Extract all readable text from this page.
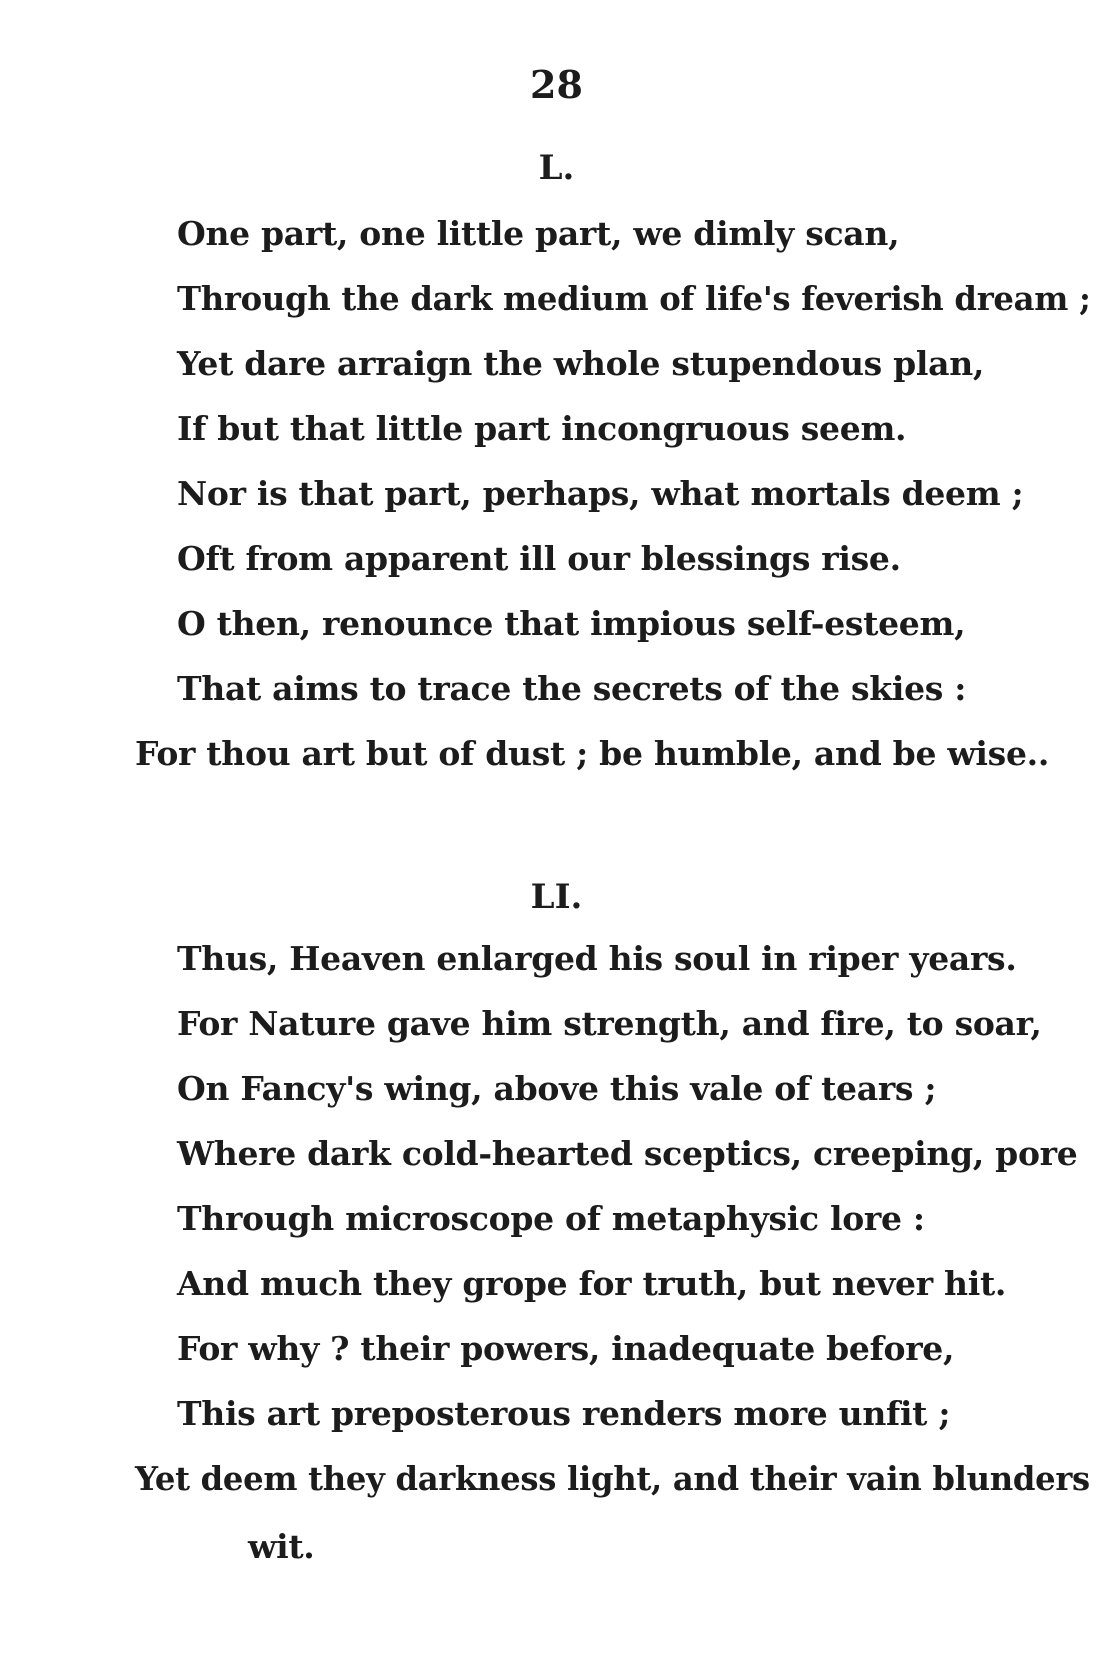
28
L.
One part, one little part, we dimly scan,
Through the dark medium of life's feverish dream ;
Yet dare arraign the whole stupendous plan,
If but that little part incongruous seem.
Nor is that part, perhaps, what mortals deem ;
Oft from apparent ill our blessings rise.
O then, renounce that impious self-esteem,
That aims to trace the secrets of the skies :
For thou art but of dust ; be humble, and be wise..
LI.
Thus, Heaven enlarged his soul in riper years.
For Nature gave him strength, and fire, to soar,
On Fancy's wing, above this vale of tears ;
Where dark cold-hearted sceptics, creeping, pore
Through microscope of metaphysic lore :
And much they grope for truth, but never hit.
For why ? their powers, inadequate before,
This art preposterous renders more unfit ;
Yet deem they darkness light, and their vain blunders
wit.
